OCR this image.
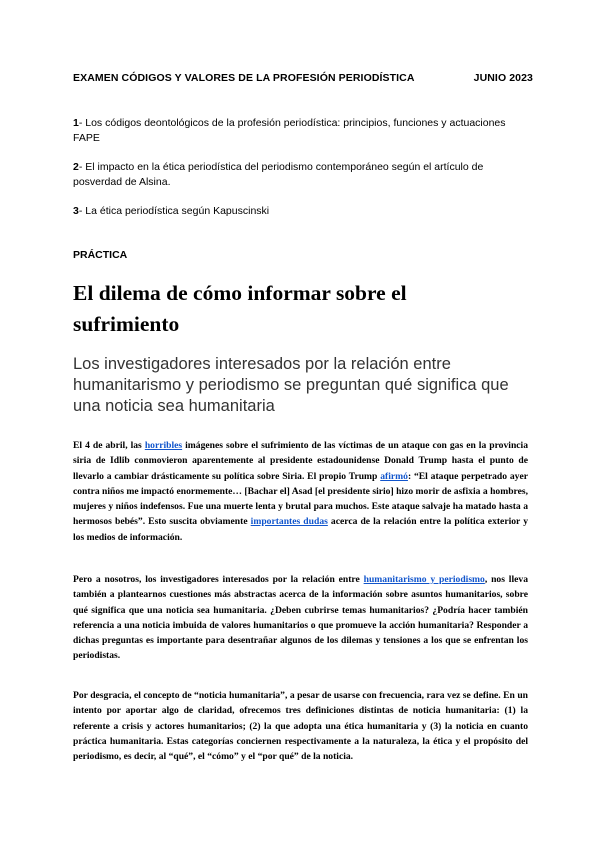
EXAMEN CÓDIGOS Y VALORES DE LA PROFESIÓN PERIODÍSTICA	JUNIO 2023
1- Los códigos deontológicos de la profesión periodística: principios, funciones y actuaciones FAPE
2- El impacto en la ética periodística del periodismo contemporáneo según el artículo de posverdad de Alsina.
3- La ética periodística según Kapuscinski
PRÁCTICA
El dilema de cómo informar sobre el sufrimiento
Los investigadores interesados por la relación entre humanitarismo y periodismo se preguntan qué significa que una noticia sea humanitaria
El 4 de abril, las horribles imágenes sobre el sufrimiento de las víctimas de un ataque con gas en la provincia siria de Idlib conmovieron aparentemente al presidente estadounidense Donald Trump hasta el punto de llevarlo a cambiar drásticamente su política sobre Siria. El propio Trump afirmó: “El ataque perpetrado ayer contra niños me impactó enormemente… [Bachar el] Asad [el presidente sirio] hizo morir de asfixia a hombres, mujeres y niños indefensos. Fue una muerte lenta y brutal para muchos. Este ataque salvaje ha matado hasta a hermosos bebés”. Esto suscita obviamente importantes dudas acerca de la relación entre la política exterior y los medios de información.
Pero a nosotros, los investigadores interesados por la relación entre humanitarismo y periodismo, nos lleva también a plantearnos cuestiones más abstractas acerca de la información sobre asuntos humanitarios, sobre qué significa que una noticia sea humanitaria. ¿Deben cubrirse temas humanitarios? ¿Podría hacer también referencia a una noticia imbuida de valores humanitarios o que promueve la acción humanitaria? Responder a dichas preguntas es importante para desentrañar algunos de los dilemas y tensiones a los que se enfrentan los periodistas.
Por desgracia, el concepto de “noticia humanitaria”, a pesar de usarse con frecuencia, rara vez se define. En un intento por aportar algo de claridad, ofrecemos tres definiciones distintas de noticia humanitaria: (1) la referente a crisis y actores humanitarios; (2) la que adopta una ética humanitaria y (3) la noticia en cuanto práctica humanitaria. Estas categorías conciernen respectivamente a la naturaleza, la ética y el propósito del periodismo, es decir, al “qué”, el “cómo” y el “por qué” de la noticia.
